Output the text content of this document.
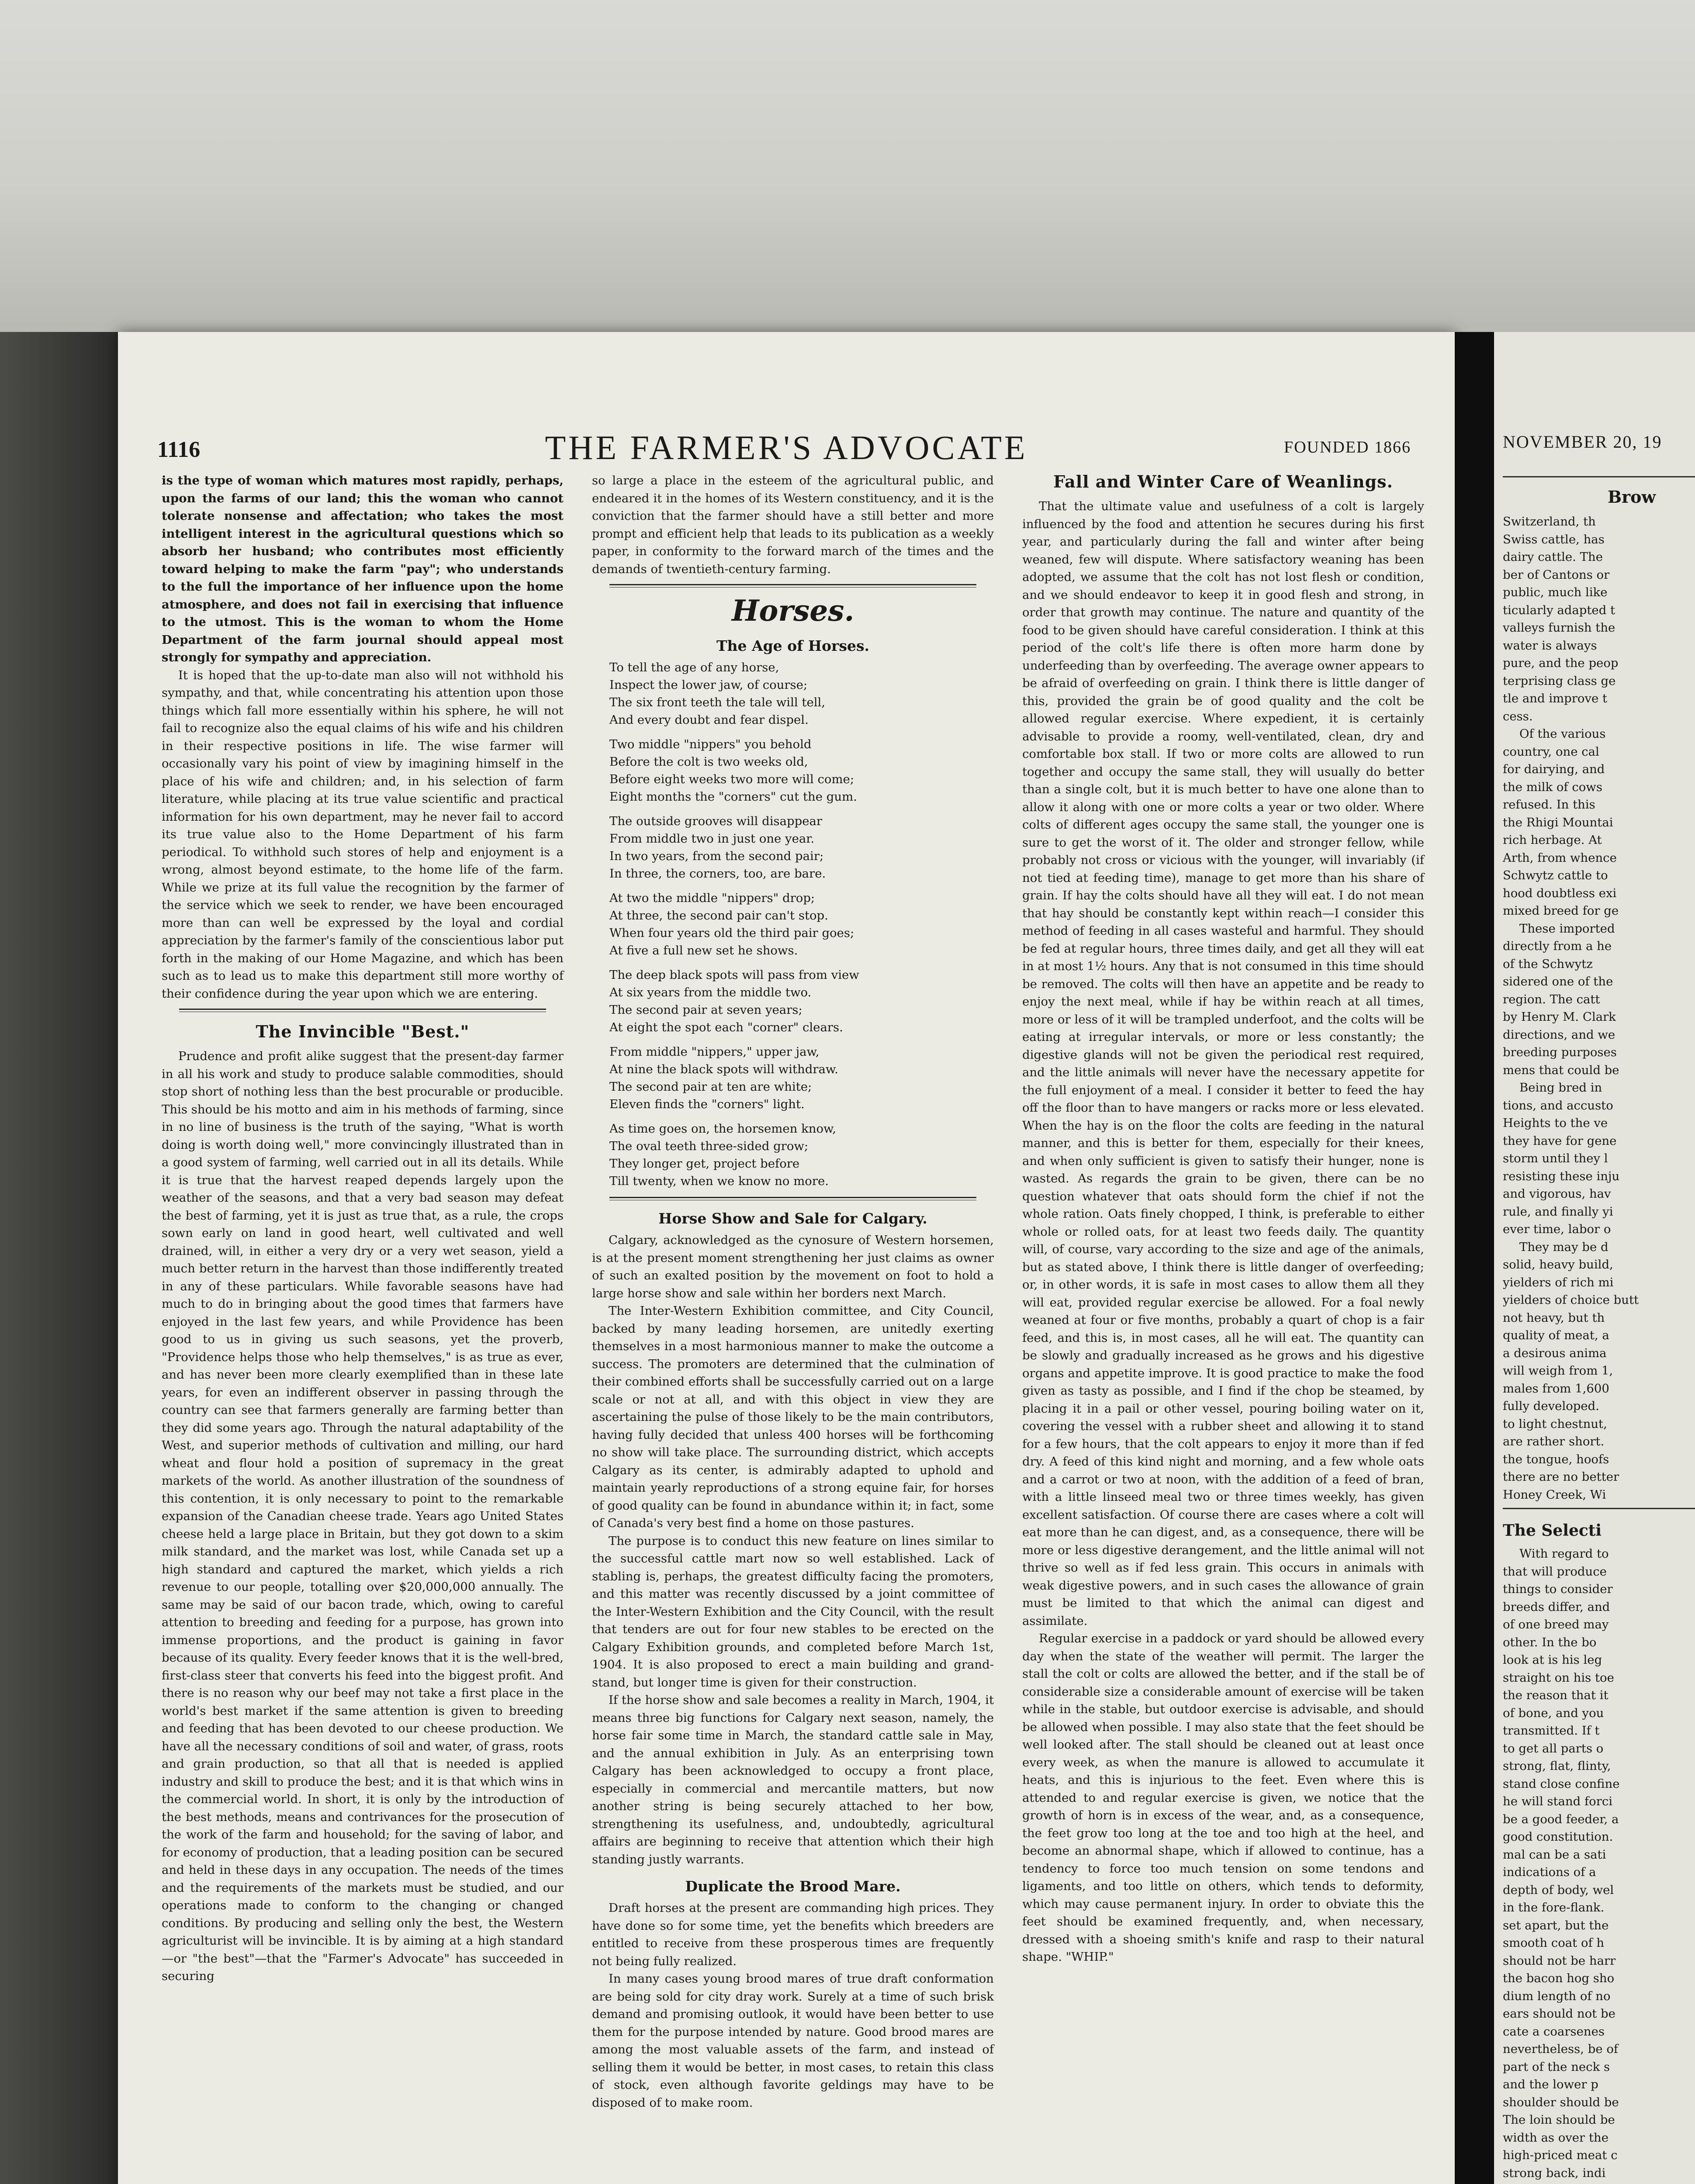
THE FARMER'S ADVOCATE
1116	FOUNDED 1866

is the type of woman which matures most rapidly, perhaps, upon the farms of our land; this the woman who cannot tolerate nonsense and affectation; who takes the most intelligent interest in the agricultural questions which so absorb her husband; who contributes most efficiently toward helping to make the farm "pay"; who understands to the full the importance of her influence upon the home atmosphere, and does not fail in exercising that influence to the utmost. This is the woman to whom the Home Department of the farm journal should appeal most strongly for sympathy and appreciation.

It is hoped that the up-to-date man also will not withhold his sympathy, and that, while concentrating his attention upon those things which fall more essentially within his sphere, he will not fail to recognize also the equal claims of his wife and his children in their respective positions in life. The wise farmer will occasionally vary his point of view by imagining himself in the place of his wife and children; and, in his selection of farm literature, while placing at its true value scientific and practical information for his own department, may he never fail to accord its true value also to the Home Department of his farm periodical. To withhold such stores of help and enjoyment is a wrong, almost beyond estimate, to the home life of the farm. While we prize at its full value the recognition by the farmer of the service which we seek to render, we have been encouraged more than can well be expressed by the loyal and cordial appreciation by the farmer's family of the conscientious labor put forth in the making of our Home Magazine, and which has been such as to lead us to make this department still more worthy of their confidence during the year upon which we are entering.

The Invincible "Best."

Prudence and profit alike suggest that the present-day farmer in all his work and study to produce salable commodities, should stop short of nothing less than the best procurable or producible. This should be his motto and aim in his methods of farming, since in no line of business is the truth of the saying, "What is worth doing is worth doing well," more convincingly illustrated than in a good system of farming, well carried out in all its details. While it is true that the harvest reaped depends largely upon the weather of the seasons, and that a very bad season may defeat the best of farming, yet it is just as true that, as a rule, the crops sown early on land in good heart, well cultivated and well drained, will, in either a very dry or a very wet season, yield a much better return in the harvest than those indifferently treated in any of these particulars. While favorable seasons have had much to do in bringing about the good times that farmers have enjoyed in the last few years, and while Providence has been good to us in giving us such seasons, yet the proverb, "Providence helps those who help themselves," is as true as ever, and has never been more clearly exemplified than in these late years, for even an indifferent observer in passing through the country can see that farmers generally are farming better than they did some years ago. Through the natural adaptability of the West, and superior methods of cultivation and milling, our hard wheat and flour hold a position of supremacy in the great markets of the world. As another illustration of the soundness of this contention, it is only necessary to point to the remarkable expansion of the Canadian cheese trade. Years ago United States cheese held a large place in Britain, but they got down to a skim milk standard, and the market was lost, while Canada set up a high standard and captured the market, which yields a rich revenue to our people, totalling over $20,000,000 annually. The same may be said of our bacon trade, which, owing to careful attention to breeding and feeding for a purpose, has grown into immense proportions, and the product is gaining in favor because of its quality. Every feeder knows that it is the well-bred, first-class steer that converts his feed into the biggest profit. And there is no reason why our beef may not take a first place in the world's best market if the same attention is given to breeding and feeding that has been devoted to our cheese production. We have all the necessary conditions of soil and water, of grass, roots and grain production, so that all that is needed is applied industry and skill to produce the best; and it is that which wins in the commercial world. In short, it is only by the introduction of the best methods, means and contrivances for the prosecution of the work of the farm and household; for the saving of labor, and for economy of production, that a leading position can be secured and held in these days in any occupation. The needs of the times and the requirements of the markets must be studied, and our operations made to conform to the changing or changed conditions. By producing and selling only the best, the Western agriculturist will be invincible. It is by aiming at a high standard—or "the best"—that the "Farmer's Advocate" has succeeded in securing

so large a place in the esteem of the agricultural public, and endeared it in the homes of its Western constituency, and it is the conviction that the farmer should have a still better and more prompt and efficient help that leads to its publication as a weekly paper, in conformity to the forward march of the times and the demands of twentieth-century farming.

Horses.
The Age of Horses.
To tell the age of any horse,
Inspect the lower jaw, of course;
The six front teeth the tale will tell,
And every doubt and fear dispel.
Two middle "nippers" you behold
Before the colt is two weeks old,
Before eight weeks two more will come;
Eight months the "corners" cut the gum.
The outside grooves will disappear
From middle two in just one year.
In two years, from the second pair;
In three, the corners, too, are bare.
At two the middle "nippers" drop;
At three, the second pair can't stop.
When four years old the third pair goes;
At five a full new set he shows.
The deep black spots will pass from view
At six years from the middle two.
The second pair at seven years;
At eight the spot each "corner" clears.
From middle "nippers," upper jaw,
At nine the black spots will withdraw.
The second pair at ten are white;
Eleven finds the "corners" light.
As time goes on, the horsemen know,
The oval teeth three-sided grow;
They longer get, project before
Till twenty, when we know no more.
Horse Show and Sale for Calgary.

Calgary, acknowledged as the cynosure of Western horsemen, is at the present moment strengthening her just claims as owner of such an exalted position by the movement on foot to hold a large horse show and sale within her borders next March.

The Inter-Western Exhibition committee, and City Council, backed by many leading horsemen, are unitedly exerting themselves in a most harmonious manner to make the outcome a success. The promoters are determined that the culmination of their combined efforts shall be successfully carried out on a large scale or not at all, and with this object in view they are ascertaining the pulse of those likely to be the main contributors, having fully decided that unless 400 horses will be forthcoming no show will take place. The surrounding district, which accepts Calgary as its center, is admirably adapted to uphold and maintain yearly reproductions of a strong equine fair, for horses of good quality can be found in abundance within it; in fact, some of Canada's very best find a home on those pastures.

The purpose is to conduct this new feature on lines similar to the successful cattle mart now so well established. Lack of stabling is, perhaps, the greatest difficulty facing the promoters, and this matter was recently discussed by a joint committee of the Inter-Western Exhibition and the City Council, with the result that tenders are out for four new stables to be erected on the Calgary Exhibition grounds, and completed before March 1st, 1904. It is also proposed to erect a main building and grand-stand, but longer time is given for their construction.

If the horse show and sale becomes a reality in March, 1904, it means three big functions for Calgary next season, namely, the horse fair some time in March, the standard cattle sale in May, and the annual exhibition in July. As an enterprising town Calgary has been acknowledged to occupy a front place, especially in commercial and mercantile matters, but now another string is being securely attached to her bow, strengthening its usefulness, and, undoubtedly, agricultural affairs are beginning to receive that attention which their high standing justly warrants.

Duplicate the Brood Mare.

Draft horses at the present are commanding high prices. They have done so for some time, yet the benefits which breeders are entitled to receive from these prosperous times are frequently not being fully realized.

In many cases young brood mares of true draft conformation are being sold for city dray work. Surely at a time of such brisk demand and promising outlook, it would have been better to use them for the purpose intended by nature. Good brood mares are among the most valuable assets of the farm, and instead of selling them it would be better, in most cases, to retain this class of stock, even although favorite geldings may have to be disposed of to make room.

Fall and Winter Care of Weanlings.

That the ultimate value and usefulness of a colt is largely influenced by the food and attention he secures during his first year, and particularly during the fall and winter after being weaned, few will dispute. Where satisfactory weaning has been adopted, we assume that the colt has not lost flesh or condition, and we should endeavor to keep it in good flesh and strong, in order that growth may continue. The nature and quantity of the food to be given should have careful consideration. I think at this period of the colt's life there is often more harm done by underfeeding than by overfeeding. The average owner appears to be afraid of overfeeding on grain. I think there is little danger of this, provided the grain be of good quality and the colt be allowed regular exercise. Where expedient, it is certainly advisable to provide a roomy, well-ventilated, clean, dry and comfortable box stall. If two or more colts are allowed to run together and occupy the same stall, they will usually do better than a single colt, but it is much better to have one alone than to allow it along with one or more colts a year or two older. Where colts of different ages occupy the same stall, the younger one is sure to get the worst of it. The older and stronger fellow, while probably not cross or vicious with the younger, will invariably (if not tied at feeding time), manage to get more than his share of grain. If hay the colts should have all they will eat. I do not mean that hay should be constantly kept within reach—I consider this method of feeding in all cases wasteful and harmful. They should be fed at regular hours, three times daily, and get all they will eat in at most 1½ hours. Any that is not consumed in this time should be removed. The colts will then have an appetite and be ready to enjoy the next meal, while if hay be within reach at all times, more or less of it will be trampled underfoot, and the colts will be eating at irregular intervals, or more or less constantly; the digestive glands will not be given the periodical rest required, and the little animals will never have the necessary appetite for the full enjoyment of a meal. I consider it better to feed the hay off the floor than to have mangers or racks more or less elevated. When the hay is on the floor the colts are feeding in the natural manner, and this is better for them, especially for their knees, and when only sufficient is given to satisfy their hunger, none is wasted. As regards the grain to be given, there can be no question whatever that oats should form the chief if not the whole ration. Oats finely chopped, I think, is preferable to either whole or rolled oats, for at least two feeds daily. The quantity will, of course, vary according to the size and age of the animals, but as stated above, I think there is little danger of overfeeding; or, in other words, it is safe in most cases to allow them all they will eat, provided regular exercise be allowed. For a foal newly weaned at four or five months, probably a quart of chop is a fair feed, and this is, in most cases, all he will eat. The quantity can be slowly and gradually increased as he grows and his digestive organs and appetite improve. It is good practice to make the food given as tasty as possible, and I find if the chop be steamed, by placing it in a pail or other vessel, pouring boiling water on it, covering the vessel with a rubber sheet and allowing it to stand for a few hours, that the colt appears to enjoy it more than if fed dry. A feed of this kind night and morning, and a few whole oats and a carrot or two at noon, with the addition of a feed of bran, with a little linseed meal two or three times weekly, has given excellent satisfaction. Of course there are cases where a colt will eat more than he can digest, and, as a consequence, there will be more or less digestive derangement, and the little animal will not thrive so well as if fed less grain. This occurs in animals with weak digestive powers, and in such cases the allowance of grain must be limited to that which the animal can digest and assimilate.

Regular exercise in a paddock or yard should be allowed every day when the state of the weather will permit. The larger the stall the colt or colts are allowed the better, and if the stall be of considerable size a considerable amount of exercise will be taken while in the stable, but outdoor exercise is advisable, and should be allowed when possible. I may also state that the feet should be well looked after. The stall should be cleaned out at least once every week, as when the manure is allowed to accumulate it heats, and this is injurious to the feet. Even where this is attended to and regular exercise is given, we notice that the growth of horn is in excess of the wear, and, as a consequence, the feet grow too long at the toe and too high at the heel, and become an abnormal shape, which if allowed to continue, has a tendency to force too much tension on some tendons and ligaments, and too little on others, which tends to deformity, which may cause permanent injury. In order to obviate this the feet should be examined frequently, and, when necessary, dressed with a shoeing smith's knife and rasp to their natural shape. "WHIP."

NOVEMBER 20, 19
Brow

Switzerland, th

Swiss cattle, has

dairy cattle. The

ber of Cantons or

public, much like

ticularly adapted t

valleys furnish the

water is always

pure, and the peop

terprising class ge

tle and improve t

cess.

Of the various

country, one cal

for dairying, and

the milk of cows

refused. In this

the Rhigi Mountai

rich herbage. At

Arth, from whence

Schwytz cattle to

hood doubtless exi

mixed breed for ge

These imported

directly from a he

of the Schwytz

sidered one of the

region. The catt

by Henry M. Clark

directions, and we

breeding purposes

mens that could be

Being bred in

tions, and accusto

Heights to the ve

they have for gene

storm until they l

resisting these inju

and vigorous, hav

rule, and finally yi

ever time, labor o

They may be d

solid, heavy build,

yielders of rich mi

yielders of choice butt

not heavy, but th

quality of meat, a

a desirous anima

will weigh from 1,

males from 1,600

fully developed.

to light chestnut,

are rather short.

the tongue, hoofs

there are no better

Honey Creek, Wi

The Selecti

With regard to

that will produce

things to consider

breeds differ, and

of one breed may

other. In the bo

look at is his leg

straight on his toe

the reason that it

of bone, and you

transmitted. If t

to get all parts o

strong, flat, flinty,

stand close confine

he will stand forci

be a good feeder, a

good constitution.

mal can be a sati

indications of a

depth of body, wel

in the fore-flank.

set apart, but the

smooth coat of h

should not be harr

the bacon hog sho

dium length of no

ears should not be

cate a coarsenes

nevertheless, be of

part of the neck s

and the lower p

shoulder should be

The loin should be

width as over the

high-priced meat c

strong back, indi
